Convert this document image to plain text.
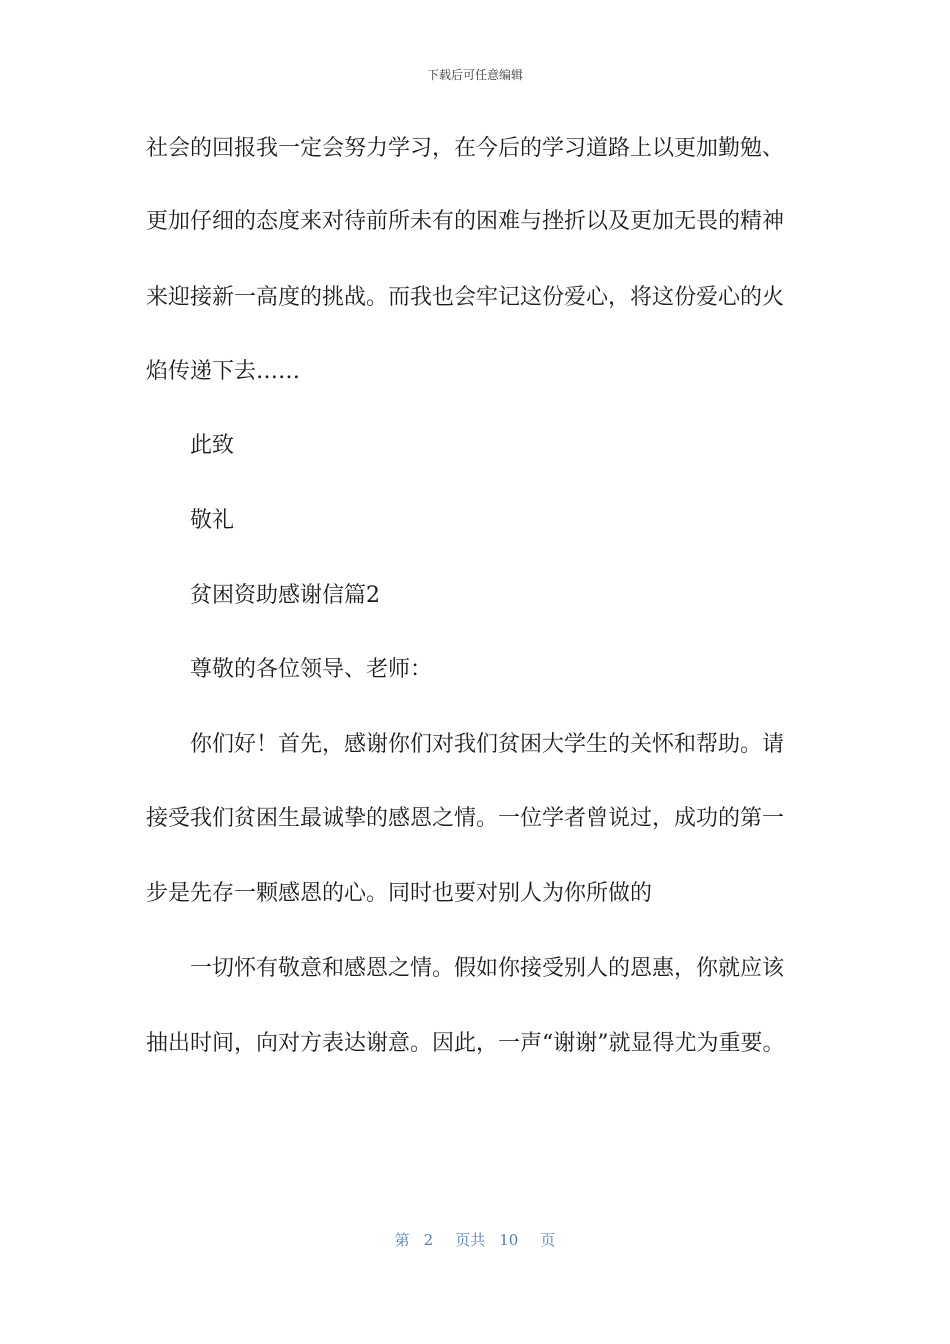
下载后可任意编辑
社会的回报我一定会努力学习，在今后的学习道路上以更加勤勉、
更加仔细的态度来对待前所未有的困难与挫折以及更加无畏的精神
来迎接新一高度的挑战。而我也会牢记这份爱心，将这份爱心的火
焰传递下去……
此致
敬礼
贫困资助感谢信篇2
尊敬的各位领导、老师：
你们好！首先，感谢你们对我们贫困大学生的关怀和帮助。请
接受我们贫困生最诚挚的感恩之情。一位学者曾说过，成功的第一
步是先存一颗感恩的心。同时也要对别人为你所做的
一切怀有敬意和感恩之情。假如你接受别人的恩惠，你就应该
抽出时间，向对方表达谢意。因此，一声“谢谢”就显得尤为重要。
第 2 页共 10 页
